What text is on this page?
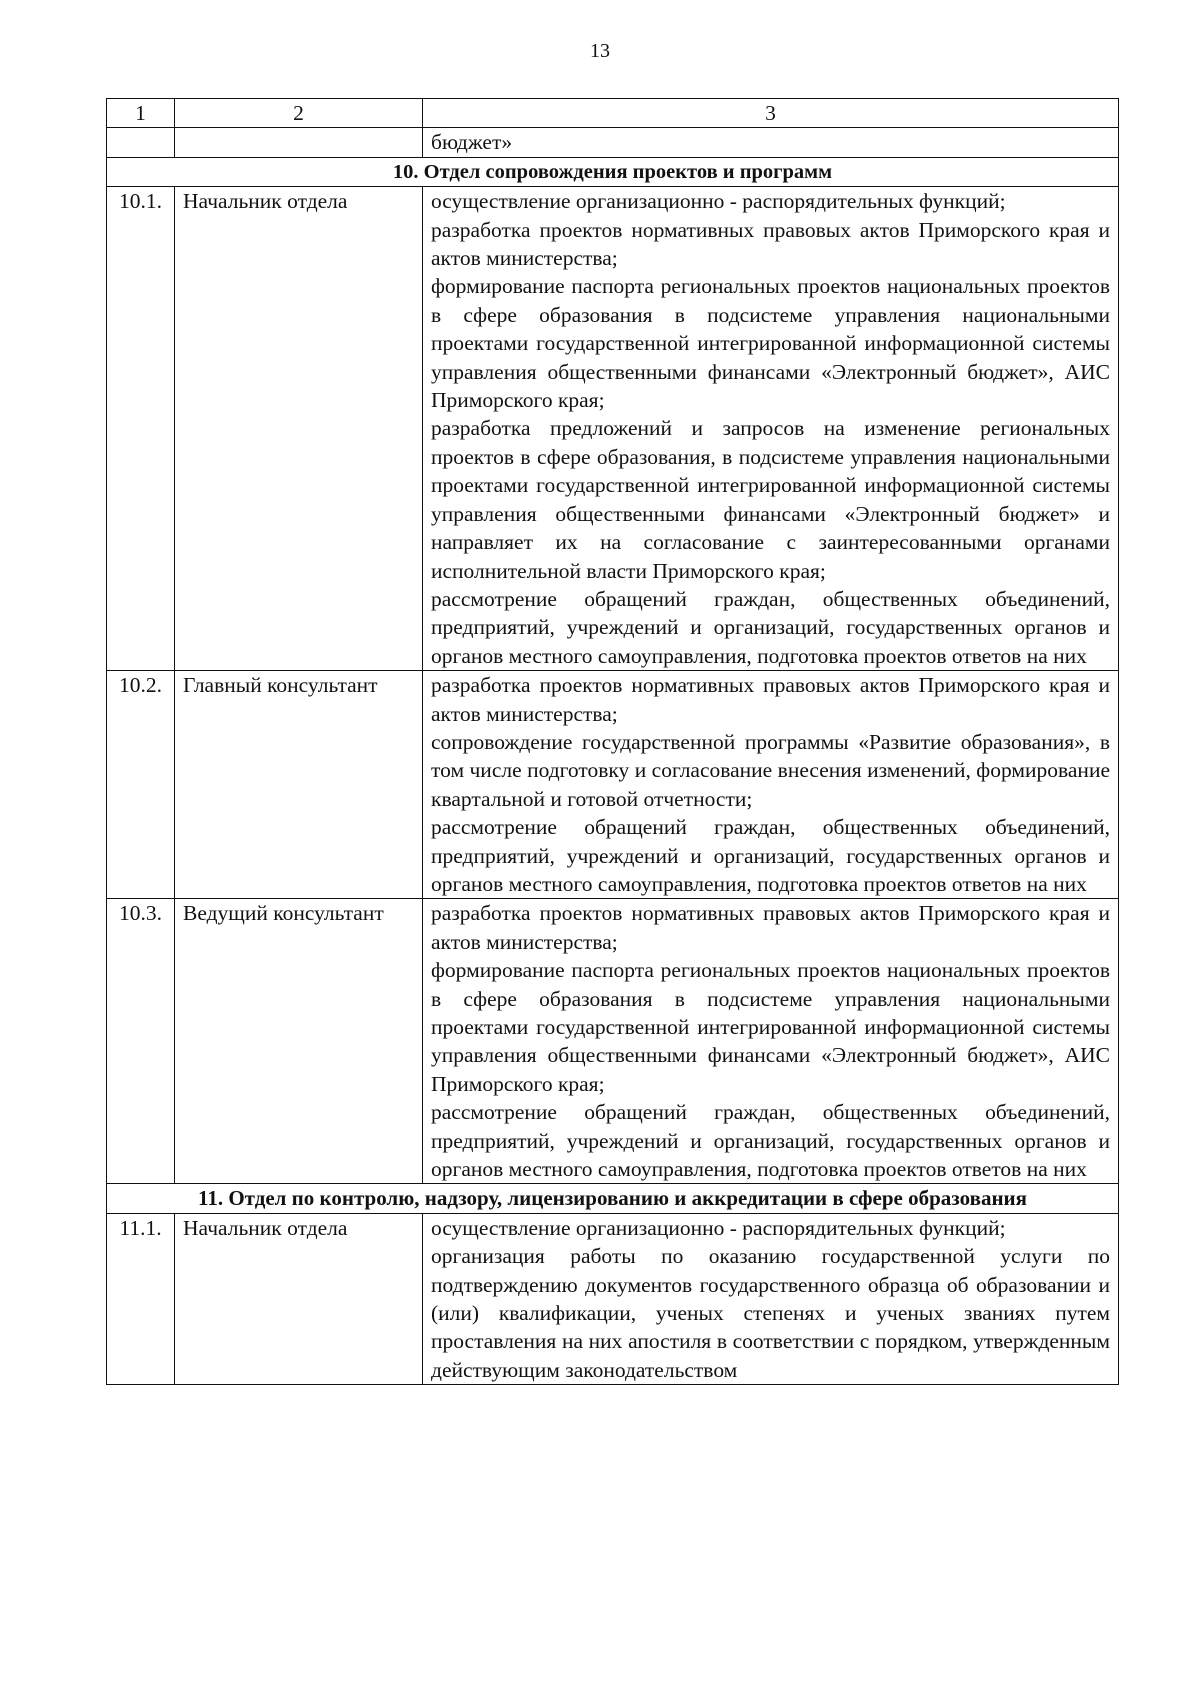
13
1	2	3
		бюджет»
10. Отдел сопровождения проектов и программ		
10.1.	Начальник отдела	осуществление организационно - распорядительных функций;
разработка проектов нормативных правовых актов Приморского края и актов министерства;
формирование паспорта региональных проектов национальных проектов в сфере образования в подсистеме управления национальными проектами государственной интегрированной информационной системы управления общественными финансами «Электронный бюджет», АИС Приморского края;
разработка предложений и запросов на изменение региональных проектов в сфере образования, в подсистеме управления национальными проектами государственной интегрированной информационной системы управления общественными финансами «Электронный бюджет» и направляет их на согласование с заинтересованными органами исполнительной власти Приморского края;
рассмотрение обращений граждан, общественных объединений, предприятий, учреждений и организаций, государственных органов и органов местного самоуправления, подготовка проектов ответов на них

10.2.	Главный консультант	разработка проектов нормативных правовых актов Приморского края и актов министерства;
сопровождение государственной программы «Развитие образования», в том числе подготовку и согласование внесения изменений, формирование квартальной и готовой отчетности;
рассмотрение обращений граждан, общественных объединений, предприятий, учреждений и организаций, государственных органов и органов местного самоуправления, подготовка проектов ответов на них

10.3.	Ведущий консультант	разработка проектов нормативных правовых актов Приморского края и актов министерства;
формирование паспорта региональных проектов национальных проектов в сфере образования в подсистеме управления национальными проектами государственной интегрированной информационной системы управления общественными финансами «Электронный бюджет», АИС Приморского края;
рассмотрение обращений граждан, общественных объединений, предприятий, учреждений и организаций, государственных органов и органов местного самоуправления, подготовка проектов ответов на них

11. Отдел по контролю, надзору, лицензированию и аккредитации в сфере образования		
11.1.	Начальник отдела	осуществление организационно - распорядительных функций;
организация работы по оказанию государственной услуги по подтверждению документов государственного образца об образовании и (или) квалификации, ученых степенях и ученых званиях путем проставления на них апостиля в соответствии с порядком, утвержденным действующим законодательством
